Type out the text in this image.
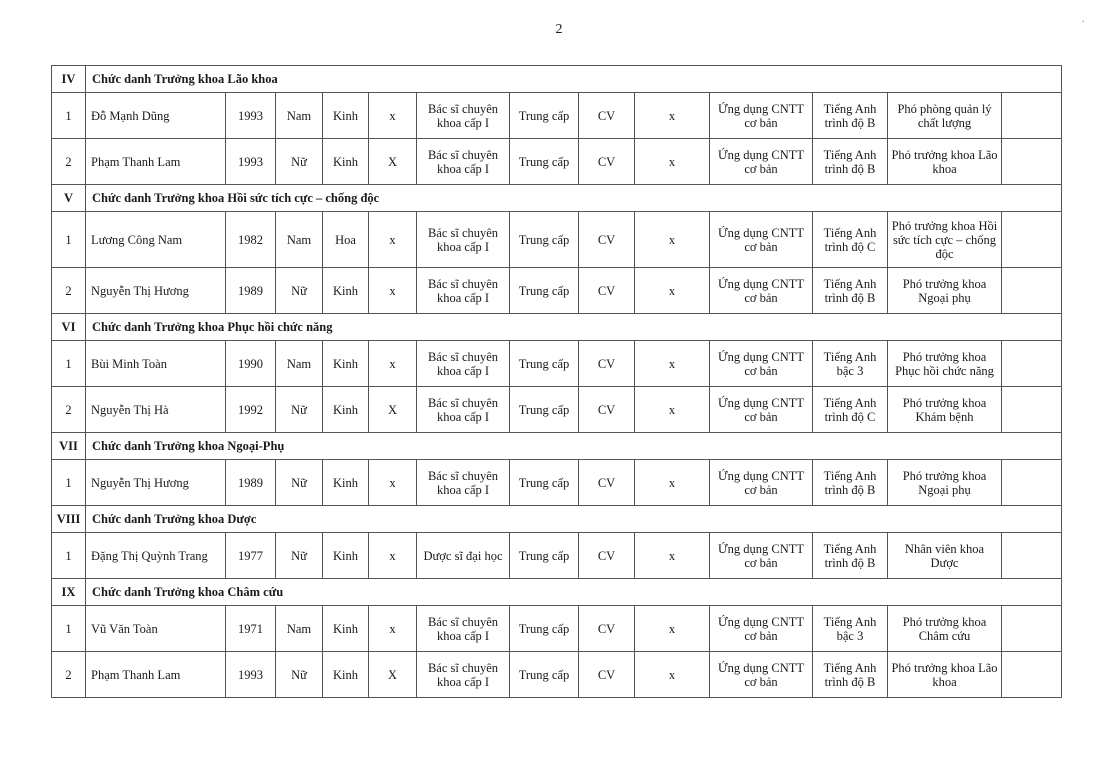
2
.
IV	Chức danh Trưởng khoa Lão khoa												
1	Đỗ Mạnh Dũng	1993	Nam	Kinh	x	Bác sĩ chuyên khoa cấp I	Trung cấp	CV	x	Ứng dụng CNTT cơ bản	Tiếng Anh trình độ B	Phó phòng quản lý chất lượng	
2	Phạm Thanh Lam	1993	Nữ	Kinh	X	Bác sĩ chuyên khoa cấp I	Trung cấp	CV	x	Ứng dụng CNTT cơ bản	Tiếng Anh trình độ B	Phó trưởng khoa Lão khoa	
V	Chức danh Trưởng khoa Hồi sức tích cực – chống độc												
1	Lương Công Nam	1982	Nam	Hoa	x	Bác sĩ chuyên khoa cấp I	Trung cấp	CV	x	Ứng dụng CNTT cơ bản	Tiếng Anh trình độ C	Phó trưởng khoa Hồi sức tích cực – chống độc	
2	Nguyễn Thị Hương	1989	Nữ	Kinh	x	Bác sĩ chuyên khoa cấp I	Trung cấp	CV	x	Ứng dụng CNTT cơ bản	Tiếng Anh trình độ B	Phó trưởng khoa Ngoại phụ	
VI	Chức danh Trưởng khoa Phục hồi chức năng												
1	Bùi Minh Toàn	1990	Nam	Kinh	x	Bác sĩ chuyên khoa cấp I	Trung cấp	CV	x	Ứng dụng CNTT cơ bản	Tiếng Anh bậc 3	Phó trưởng khoa Phục hồi chức năng	
2	Nguyễn Thị Hà	1992	Nữ	Kinh	X	Bác sĩ chuyên khoa cấp I	Trung cấp	CV	x	Ứng dụng CNTT cơ bản	Tiếng Anh trình độ C	Phó trưởng khoa Khám bệnh	
VII	Chức danh Trưởng khoa Ngoại-Phụ												
1	Nguyễn Thị Hương	1989	Nữ	Kinh	x	Bác sĩ chuyên khoa cấp I	Trung cấp	CV	x	Ứng dụng CNTT cơ bản	Tiếng Anh trình độ B	Phó trưởng khoa Ngoại phụ	
VIII	Chức danh Trưởng khoa Dược												
1	Đặng Thị Quỳnh Trang	1977	Nữ	Kinh	x	Dược sĩ đại học	Trung cấp	CV	x	Ứng dụng CNTT cơ bản	Tiếng Anh trình độ B	Nhân viên khoa Dược	
IX	Chức danh Trưởng khoa Châm cứu												
1	Vũ Văn Toàn	1971	Nam	Kinh	x	Bác sĩ chuyên khoa cấp I	Trung cấp	CV	x	Ứng dụng CNTT cơ bản	Tiếng Anh bậc 3	Phó trưởng khoa Châm cứu	
2	Phạm Thanh Lam	1993	Nữ	Kinh	X	Bác sĩ chuyên khoa cấp I	Trung cấp	CV	x	Ứng dụng CNTT cơ bản	Tiếng Anh trình độ B	Phó trưởng khoa Lão khoa	
